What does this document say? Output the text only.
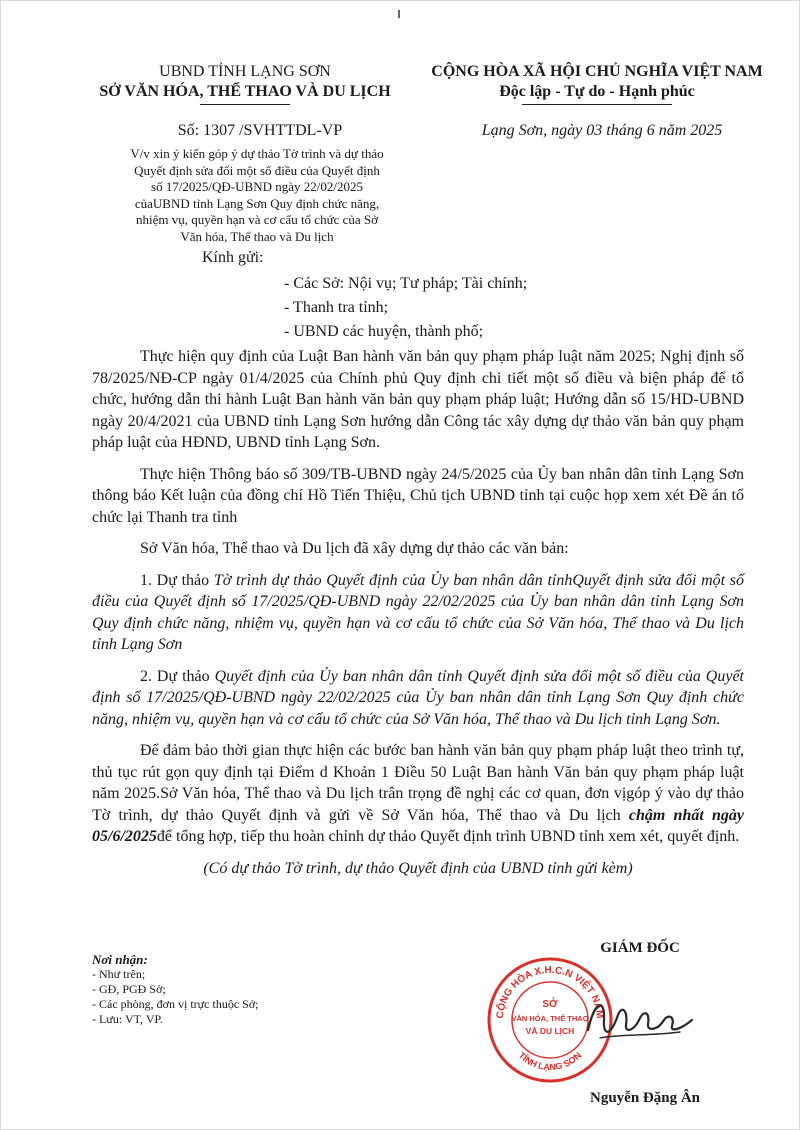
UBND TỈNH LẠNG SƠN
SỞ VĂN HÓA, THỂ THAO VÀ DU LỊCH
CỘNG HÒA XÃ HỘI CHỦ NGHĨA VIỆT NAM
Độc lập - Tự do - Hạnh phúc
Số: 1307 /SVHTTDL-VP	Lạng Sơn, ngày 03 tháng 6 năm 2025
V/v xin ý kiến góp ý dự thảo Tờ trình và dự thảo
Quyết định sửa đổi một số điều của Quyết định
số 17/2025/QĐ-UBND ngày 22/02/2025
củaUBND tỉnh Lạng Sơn Quy định chức năng,
nhiệm vụ, quyền hạn và cơ cấu tổ chức của Sở
Văn hóa, Thể thao và Du lịch
Kính gửi:
- Các Sở: Nội vụ; Tư pháp; Tài chính;
- Thanh tra tỉnh;
- UBND các huyện, thành phố;

Thực hiện quy định của Luật Ban hành văn bản quy phạm pháp luật năm 2025; Nghị định số 78/2025/NĐ-CP ngày 01/4/2025 của Chính phủ Quy định chi tiết một số điều và biện pháp để tổ chức, hướng dẫn thi hành Luật Ban hành văn bản quy phạm pháp luật; Hướng dẫn số 15/HD-UBND ngày 20/4/2021 của UBND tỉnh Lạng Sơn hướng dẫn Công tác xây dựng dự thảo văn bản quy phạm pháp luật của HĐND, UBND tỉnh Lạng Sơn.

Thực hiện Thông báo số 309/TB-UBND ngày 24/5/2025 của Ủy ban nhân dân tỉnh Lạng Sơn thông báo Kết luận của đồng chí Hồ Tiến Thiệu, Chủ tịch UBND tỉnh tại cuộc họp xem xét Đề án tổ chức lại Thanh tra tỉnh

Sở Văn hóa, Thể thao và Du lịch đã xây dựng dự thảo các văn bản:

1. Dự thảo Tờ trình dự thảo Quyết định của Ủy ban nhân dân tỉnhQuyết định sửa đổi một số điều của Quyết định số 17/2025/QĐ-UBND ngày 22/02/2025 của Ủy ban nhân dân tỉnh Lạng Sơn Quy định chức năng, nhiệm vụ, quyền hạn và cơ cấu tổ chức của Sở Văn hóa, Thể thao và Du lịch tỉnh Lạng Sơn

2. Dự thảo Quyết định của Ủy ban nhân dân tỉnh Quyết định sửa đổi một số điều của Quyết định số 17/2025/QĐ-UBND ngày 22/02/2025 của Ủy ban nhân dân tỉnh Lạng Sơn Quy định chức năng, nhiệm vụ, quyền hạn và cơ cấu tổ chức của Sở Văn hóa, Thể thao và Du lịch tỉnh Lạng Sơn.

Để đảm bảo thời gian thực hiện các bước ban hành văn bản quy phạm pháp luật theo trình tự, thủ tục rút gọn quy định tại Điểm d Khoản 1 Điều 50 Luật Ban hành Văn bản quy phạm pháp luật năm 2025.Sở Văn hóa, Thể thao và Du lịch trân trọng đề nghị các cơ quan, đơn vịgóp ý vào dự thảo Tờ trình, dự thảo Quyết định và gửi về Sở Văn hóa, Thể thao và Du lịch chậm nhất ngày 05/6/2025để tổng hợp, tiếp thu hoàn chỉnh dự thảo Quyết định trình UBND tỉnh xem xét, quyết định.

(Có dự thảo Tờ trình, dự thảo Quyết định của UBND tỉnh gửi kèm)

Nơi nhận:
- Như trên;
- GĐ, PGĐ Sở;
- Các phòng, đơn vị trực thuộc Sở;
- Lưu: VT, VP.
GIÁM ĐỐC
CỘNG HÒA X.H.C.N VIỆT NAM
TỈNH LẠNG SƠN
SỞ
VĂN HÓA, THỂ THAO
VÀ DU LỊCH
Nguyễn Đặng Ân
